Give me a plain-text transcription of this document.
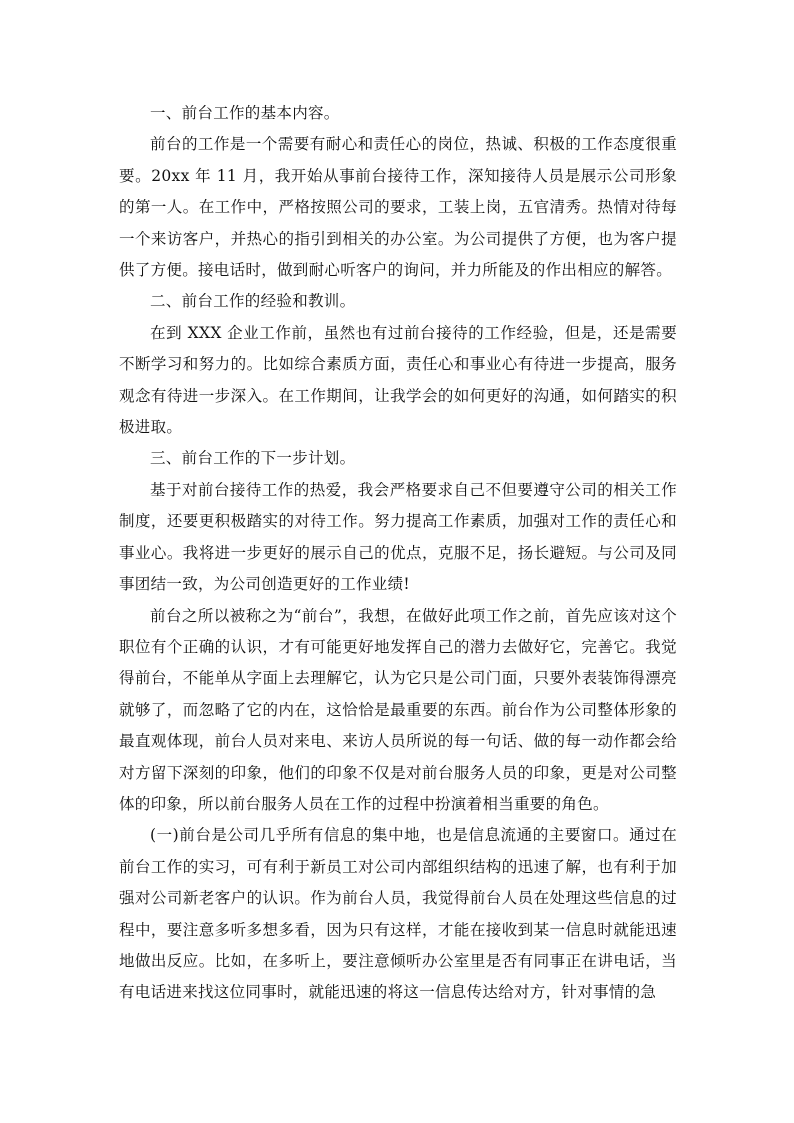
一、前台工作的基本内容。

前台的工作是一个需要有耐心和责任心的岗位，热诚、积极的工作态度很重要。20xx 年 11 月，我开始从事前台接待工作，深知接待人员是展示公司形象的第一人。在工作中，严格按照公司的要求，工装上岗，五官清秀。热情对待每一个来访客户，并热心的指引到相关的办公室。为公司提供了方便，也为客户提供了方便。接电话时，做到耐心听客户的询问，并力所能及的作出相应的解答。

二、前台工作的经验和教训。

在到 XXX 企业工作前，虽然也有过前台接待的工作经验，但是，还是需要不断学习和努力的。比如综合素质方面，责任心和事业心有待进一步提高，服务观念有待进一步深入。在工作期间，让我学会的如何更好的沟通，如何踏实的积极进取。

三、前台工作的下一步计划。

基于对前台接待工作的热爱，我会严格要求自己不但要遵守公司的相关工作制度，还要更积极踏实的对待工作。努力提高工作素质，加强对工作的责任心和事业心。我将进一步更好的展示自己的优点，克服不足，扬长避短。与公司及同事团结一致，为公司创造更好的工作业绩!

前台之所以被称之为“前台”，我想，在做好此项工作之前，首先应该对这个职位有个正确的认识，才有可能更好地发挥自己的潜力去做好它，完善它。我觉得前台，不能单从字面上去理解它，认为它只是公司门面，只要外表装饰得漂亮就够了，而忽略了它的内在，这恰恰是最重要的东西。前台作为公司整体形象的最直观体现，前台人员对来电、来访人员所说的每一句话、做的每一动作都会给对方留下深刻的印象，他们的印象不仅是对前台服务人员的印象，更是对公司整体的印象，所以前台服务人员在工作的过程中扮演着相当重要的角色。

(一)前台是公司几乎所有信息的集中地，也是信息流通的主要窗口。通过在前台工作的实习，可有利于新员工对公司内部组织结构的迅速了解，也有利于加强对公司新老客户的认识。作为前台人员，我觉得前台人员在处理这些信息的过程中，要注意多听多想多看，因为只有这样，才能在接收到某一信息时就能迅速地做出反应。比如，在多听上，要注意倾听办公室里是否有同事正在讲电话，当有电话进来找这位同事时，就能迅速的将这一信息传达给对方，针对事情的急
